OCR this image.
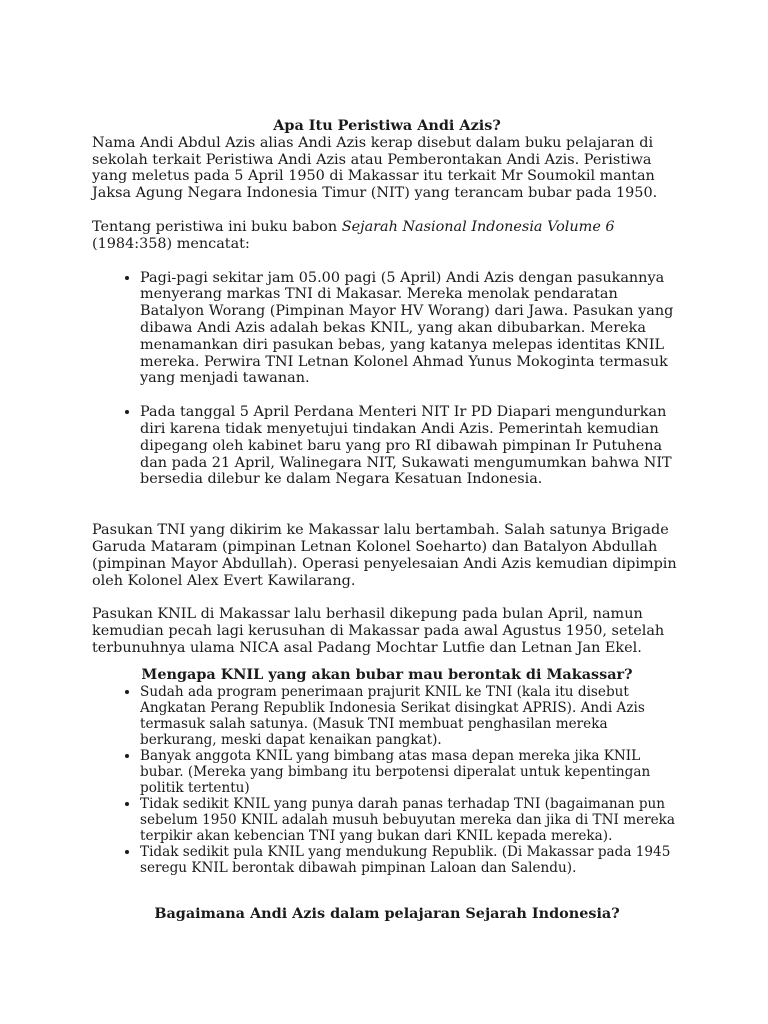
Apa Itu Peristiwa Andi Azis?

Nama Andi Abdul Azis alias Andi Azis kerap disebut dalam buku pelajaran di sekolah terkait Peristiwa Andi Azis atau Pemberontakan Andi Azis. Peristiwa yang meletus pada 5 April 1950 di Makassar itu terkait Mr Soumokil mantan Jaksa Agung Negara Indonesia Timur (NIT) yang terancam bubar pada 1950.

Tentang peristiwa ini buku babon Sejarah Nasional Indonesia Volume 6 (1984:358) mencatat:

• Pagi-pagi sekitar jam 05.00 pagi (5 April) Andi Azis dengan pasukannya menyerang markas TNI di Makasar. Mereka menolak pendaratan Batalyon Worang (Pimpinan Mayor HV Worang) dari Jawa. Pasukan yang dibawa Andi Azis adalah bekas KNIL, yang akan dibubarkan. Mereka menamankan diri pasukan bebas, yang katanya melepas identitas KNIL mereka. Perwira TNI Letnan Kolonel Ahmad Yunus Mokoginta termasuk yang menjadi tawanan.
• Pada tanggal 5 April Perdana Menteri NIT Ir PD Diapari mengundurkan diri karena tidak menyetujui tindakan Andi Azis. Pemerintah kemudian dipegang oleh kabinet baru yang pro RI dibawah pimpinan Ir Putuhena dan pada 21 April, Walinegara NIT, Sukawati mengumumkan bahwa NIT bersedia dilebur ke dalam Negara Kesatuan Indonesia.

Pasukan TNI yang dikirim ke Makassar lalu bertambah. Salah satunya Brigade Garuda Mataram (pimpinan Letnan Kolonel Soeharto) dan Batalyon Abdullah (pimpinan Mayor Abdullah). Operasi penyelesaian Andi Azis kemudian dipimpin oleh Kolonel Alex Evert Kawilarang.

Pasukan KNIL di Makassar lalu berhasil dikepung pada bulan April, namun kemudian pecah lagi kerusuhan di Makassar pada awal Agustus 1950, setelah terbunuhnya ulama NICA asal Padang Mochtar Lutfie dan Letnan Jan Ekel.

Mengapa KNIL yang akan bubar mau berontak di Makassar?
• Sudah ada program penerimaan prajurit KNIL ke TNI (kala itu disebut Angkatan Perang Republik Indonesia Serikat disingkat APRIS). Andi Azis termasuk salah satunya. (Masuk TNI membuat penghasilan mereka berkurang, meski dapat kenaikan pangkat).
• Banyak anggota KNIL yang bimbang atas masa depan mereka jika KNIL bubar. (Mereka yang bimbang itu berpotensi diperalat untuk kepentingan politik tertentu)
• Tidak sedikit KNIL yang punya darah panas terhadap TNI (bagaimanan pun sebelum 1950 KNIL adalah musuh bebuyutan mereka dan jika di TNI mereka terpikir akan kebencian TNI yang bukan dari KNIL kepada mereka).
• Tidak sedikit pula KNIL yang mendukung Republik. (Di Makassar pada 1945 seregu KNIL berontak dibawah pimpinan Laloan dan Salendu).
Bagaimana Andi Azis dalam pelajaran Sejarah Indonesia?
